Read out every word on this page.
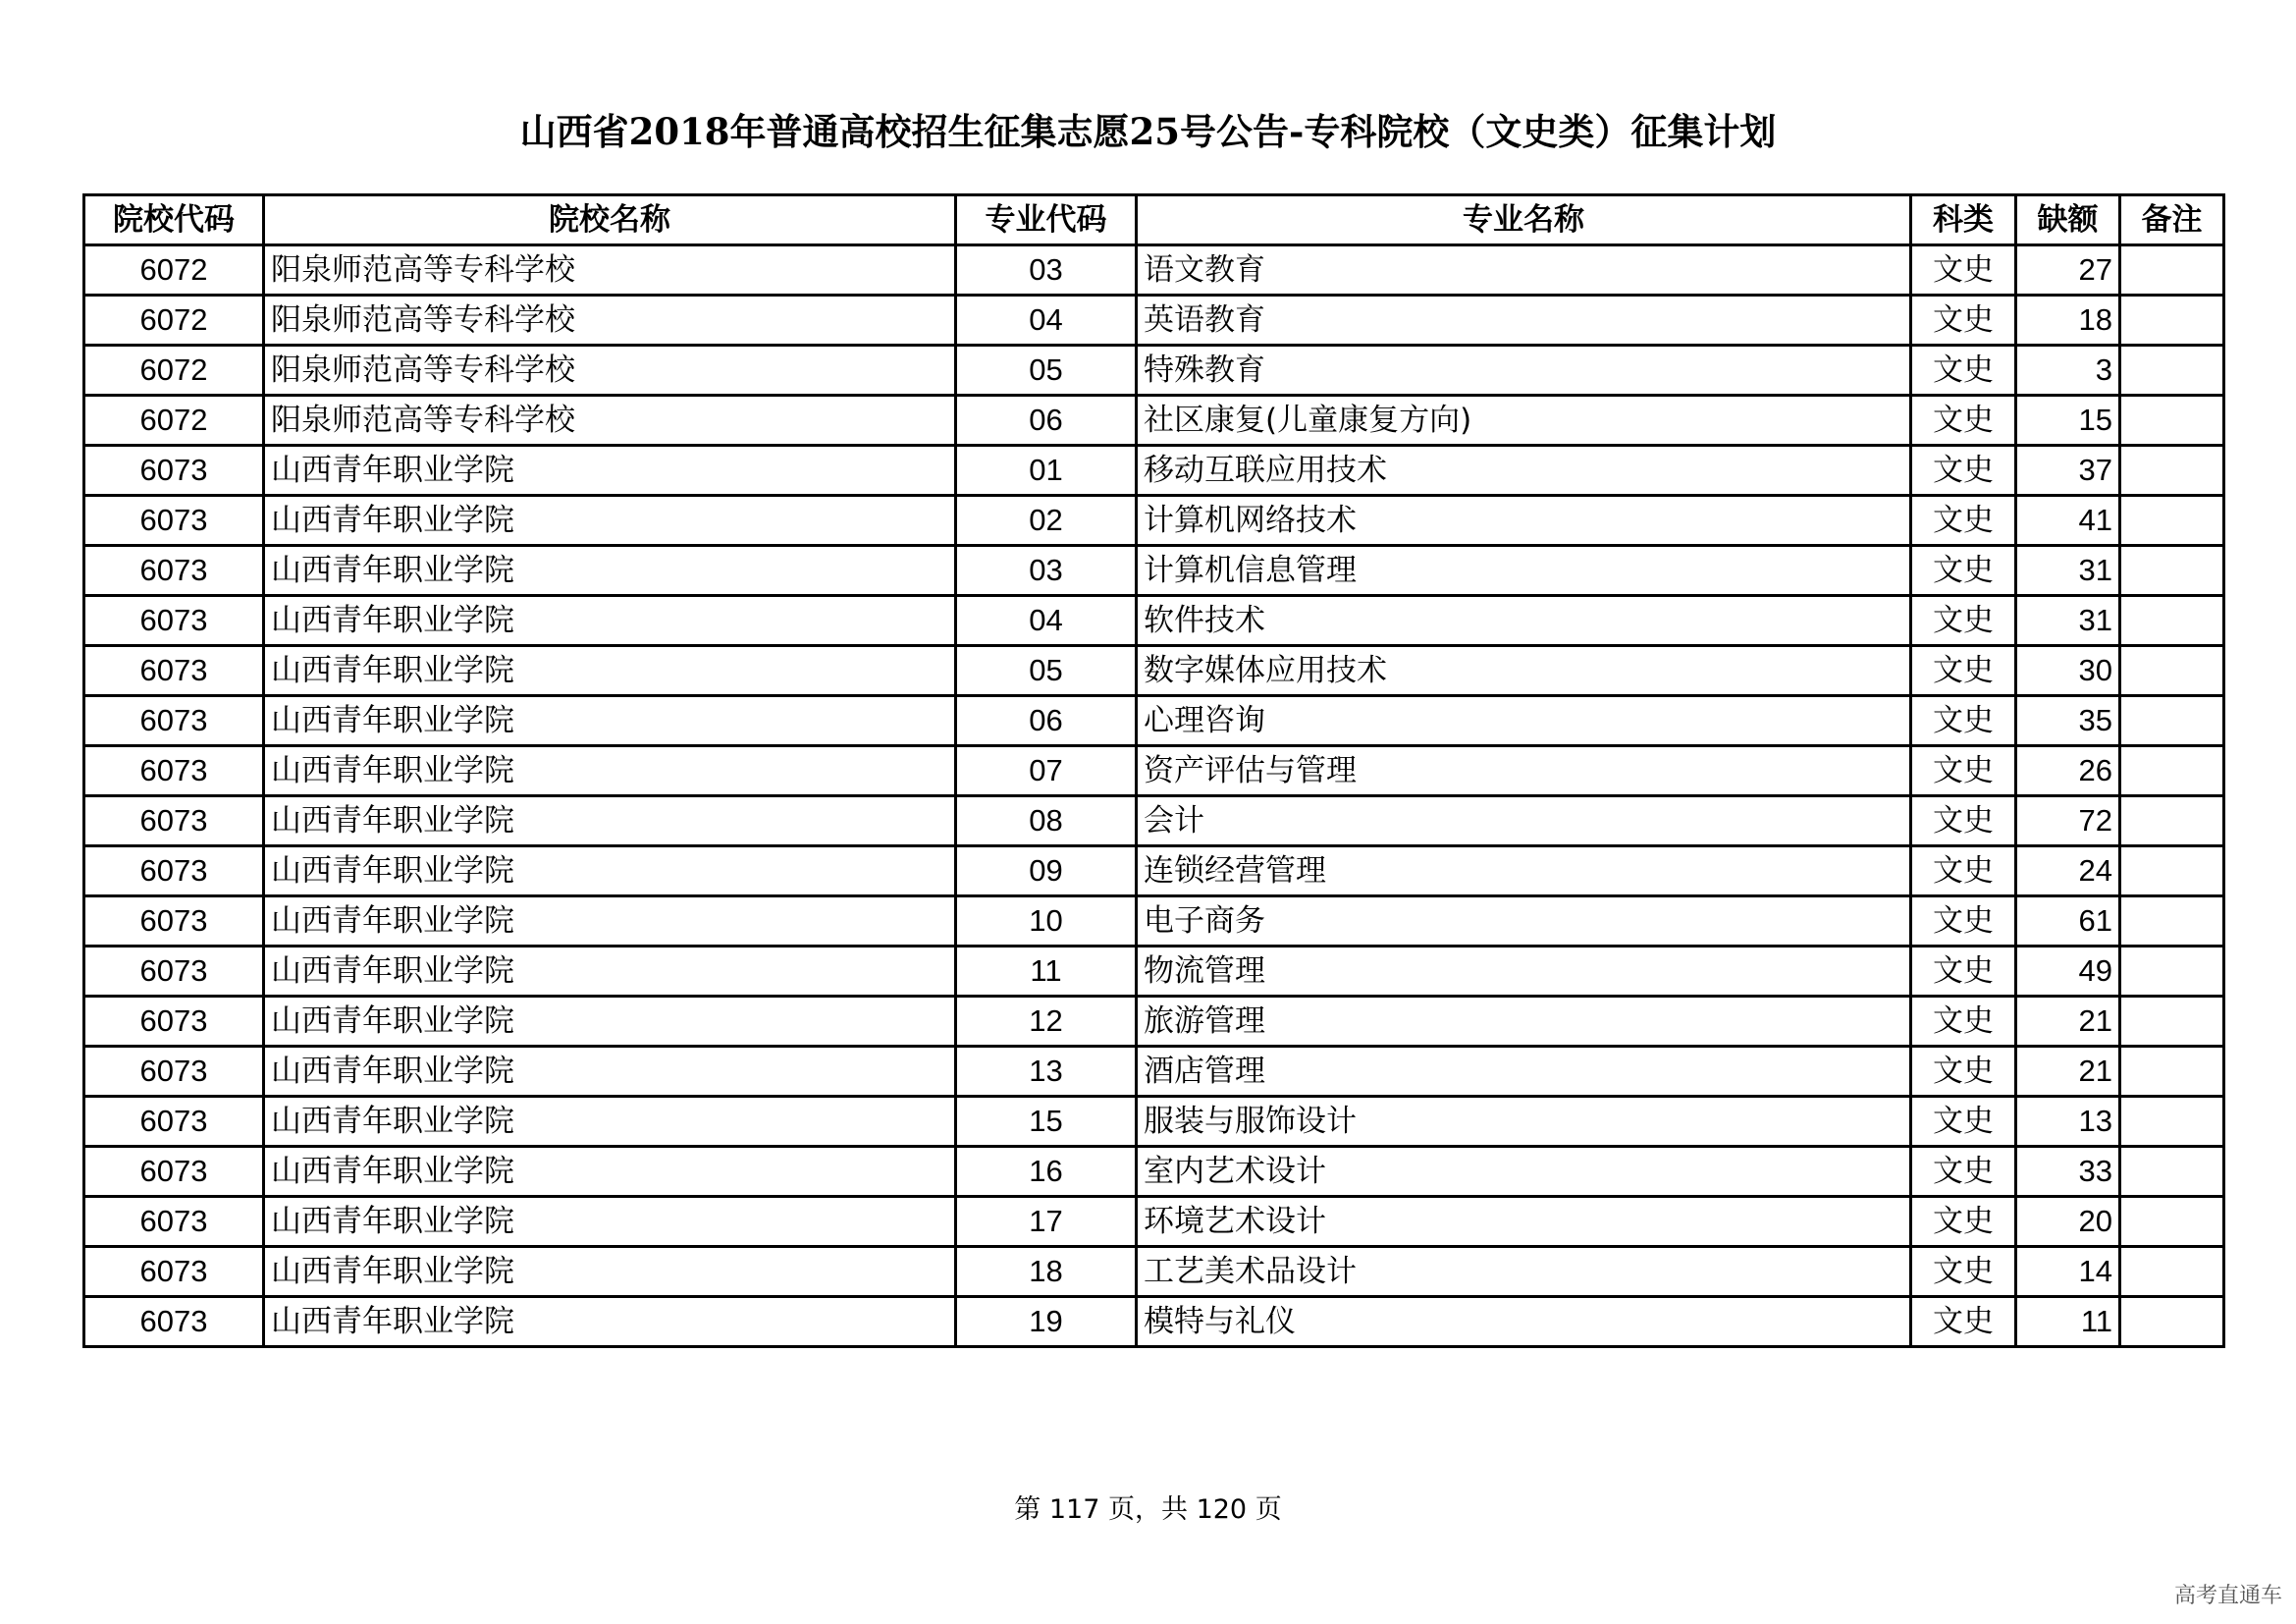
山西省2018年普通高校招生征集志愿25号公告-专科院校（文史类）征集计划
院校代码	院校名称	专业代码	专业名称	科类	缺额	备注
6072	阳泉师范高等专科学校	03	语文教育	文史	27	
6072	阳泉师范高等专科学校	04	英语教育	文史	18	
6072	阳泉师范高等专科学校	05	特殊教育	文史	3	
6072	阳泉师范高等专科学校	06	社区康复(儿童康复方向)	文史	15	
6073	山西青年职业学院	01	移动互联应用技术	文史	37	
6073	山西青年职业学院	02	计算机网络技术	文史	41	
6073	山西青年职业学院	03	计算机信息管理	文史	31	
6073	山西青年职业学院	04	软件技术	文史	31	
6073	山西青年职业学院	05	数字媒体应用技术	文史	30	
6073	山西青年职业学院	06	心理咨询	文史	35	
6073	山西青年职业学院	07	资产评估与管理	文史	26	
6073	山西青年职业学院	08	会计	文史	72	
6073	山西青年职业学院	09	连锁经营管理	文史	24	
6073	山西青年职业学院	10	电子商务	文史	61	
6073	山西青年职业学院	11	物流管理	文史	49	
6073	山西青年职业学院	12	旅游管理	文史	21	
6073	山西青年职业学院	13	酒店管理	文史	21	
6073	山西青年职业学院	15	服装与服饰设计	文史	13	
6073	山西青年职业学院	16	室内艺术设计	文史	33	
6073	山西青年职业学院	17	环境艺术设计	文史	20	
6073	山西青年职业学院	18	工艺美术品设计	文史	14	
6073	山西青年职业学院	19	模特与礼仪	文史	11	
第 117 页，共 120 页
高考直通车
